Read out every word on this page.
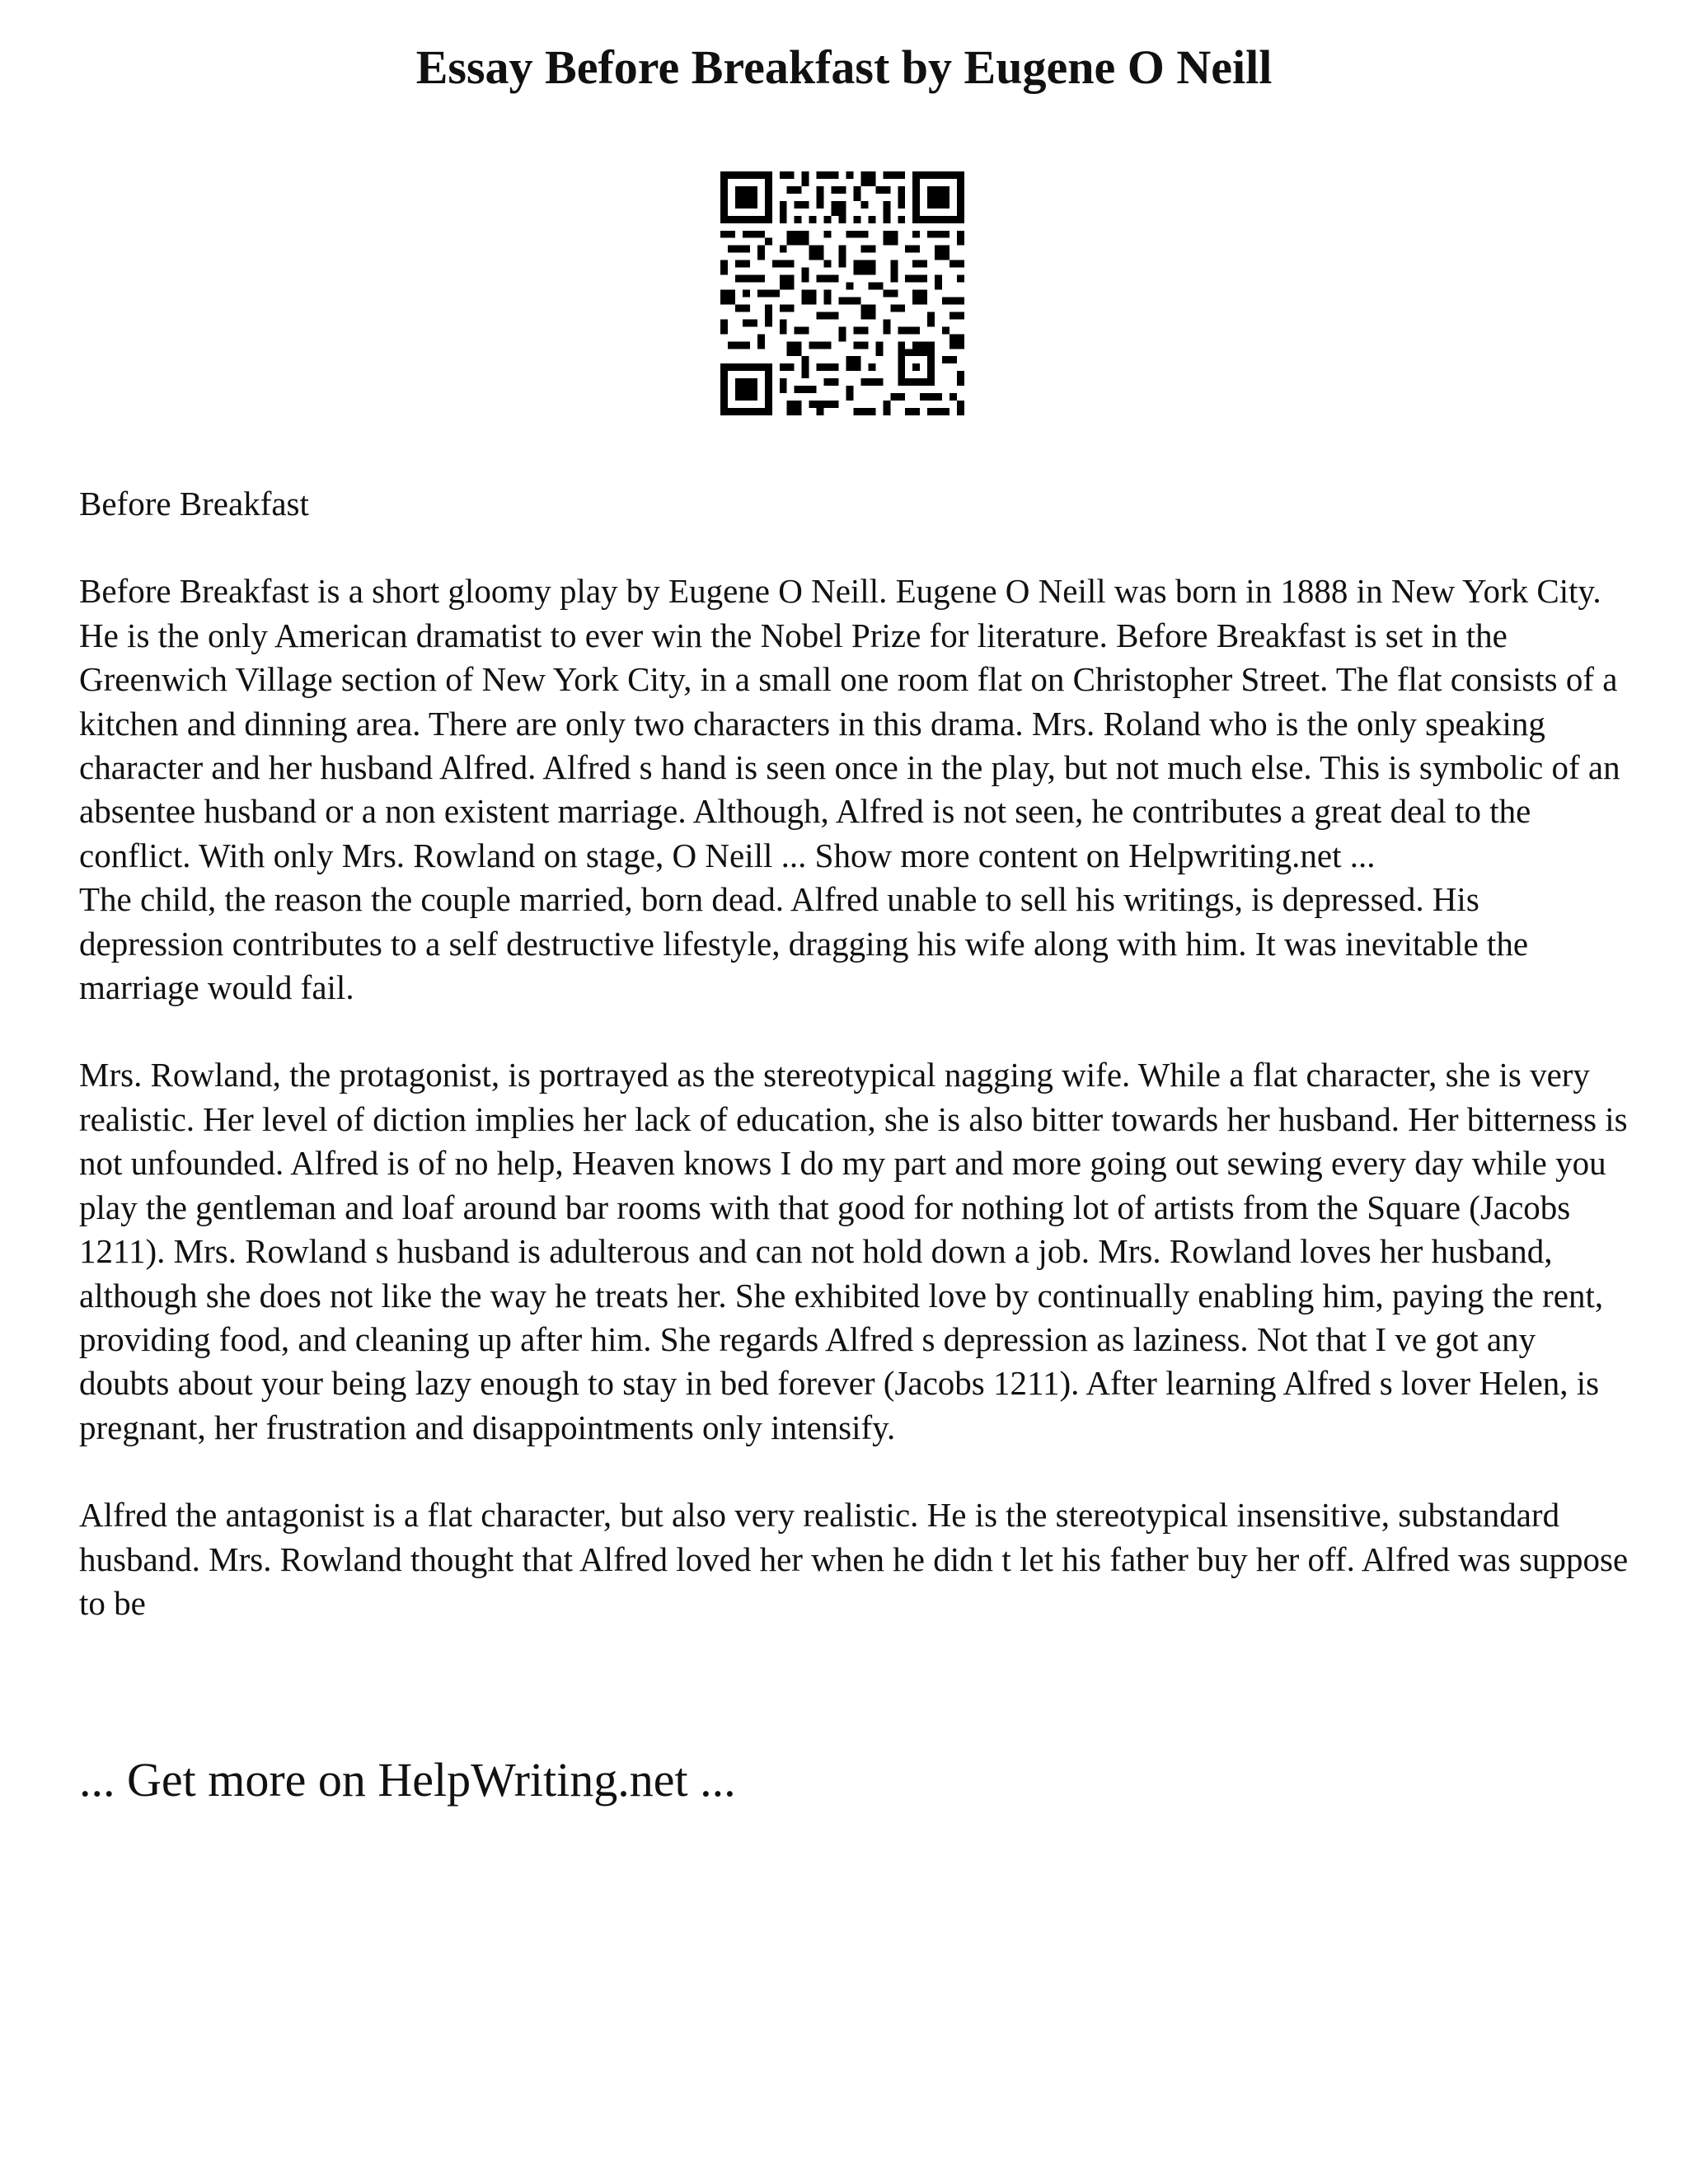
Essay Before Breakfast by Eugene O Neill

Before Breakfast

Before Breakfast is a short gloomy play by Eugene O Neill. Eugene O Neill was born in 1888 in New York City. He is the only American dramatist to ever win the Nobel Prize for literature. Before Breakfast is set in the Greenwich Village section of New York City, in a small one room flat on Christopher Street. The flat consists of a kitchen and dinning area. There are only two characters in this drama. Mrs. Roland who is the only speaking character and her husband Alfred. Alfred s hand is seen once in the play, but not much else. This is symbolic of an absentee husband or a non existent marriage. Although, Alfred is not seen, he contributes a great deal to the conflict. With only Mrs. Rowland on stage, O Neill ... Show more content on Helpwriting.net ...

The child, the reason the couple married, born dead. Alfred unable to sell his writings, is depressed. His depression contributes to a self destructive lifestyle, dragging his wife along with him. It was inevitable the marriage would fail.

Mrs. Rowland, the protagonist, is portrayed as the stereotypical nagging wife. While a flat character, she is very realistic. Her level of diction implies her lack of education, she is also bitter towards her husband. Her bitterness is not unfounded. Alfred is of no help, Heaven knows I do my part and more going out sewing every day while you play the gentleman and loaf around bar rooms with that good for nothing lot of artists from the Square (Jacobs 1211). Mrs. Rowland s husband is adulterous and can not hold down a job. Mrs. Rowland loves her husband, although she does not like the way he treats her. She exhibited love by continually enabling him, paying the rent, providing food, and cleaning up after him. She regards Alfred s depression as laziness. Not that I ve got any doubts about your being lazy enough to stay in bed forever (Jacobs 1211). After learning Alfred s lover Helen, is pregnant, her frustration and disappointments only intensify.

Alfred the antagonist is a flat character, but also very realistic. He is the stereotypical insensitive, substandard husband. Mrs. Rowland thought that Alfred loved her when he didn t let his father buy her off. Alfred was suppose to be

... Get more on HelpWriting.net ...
